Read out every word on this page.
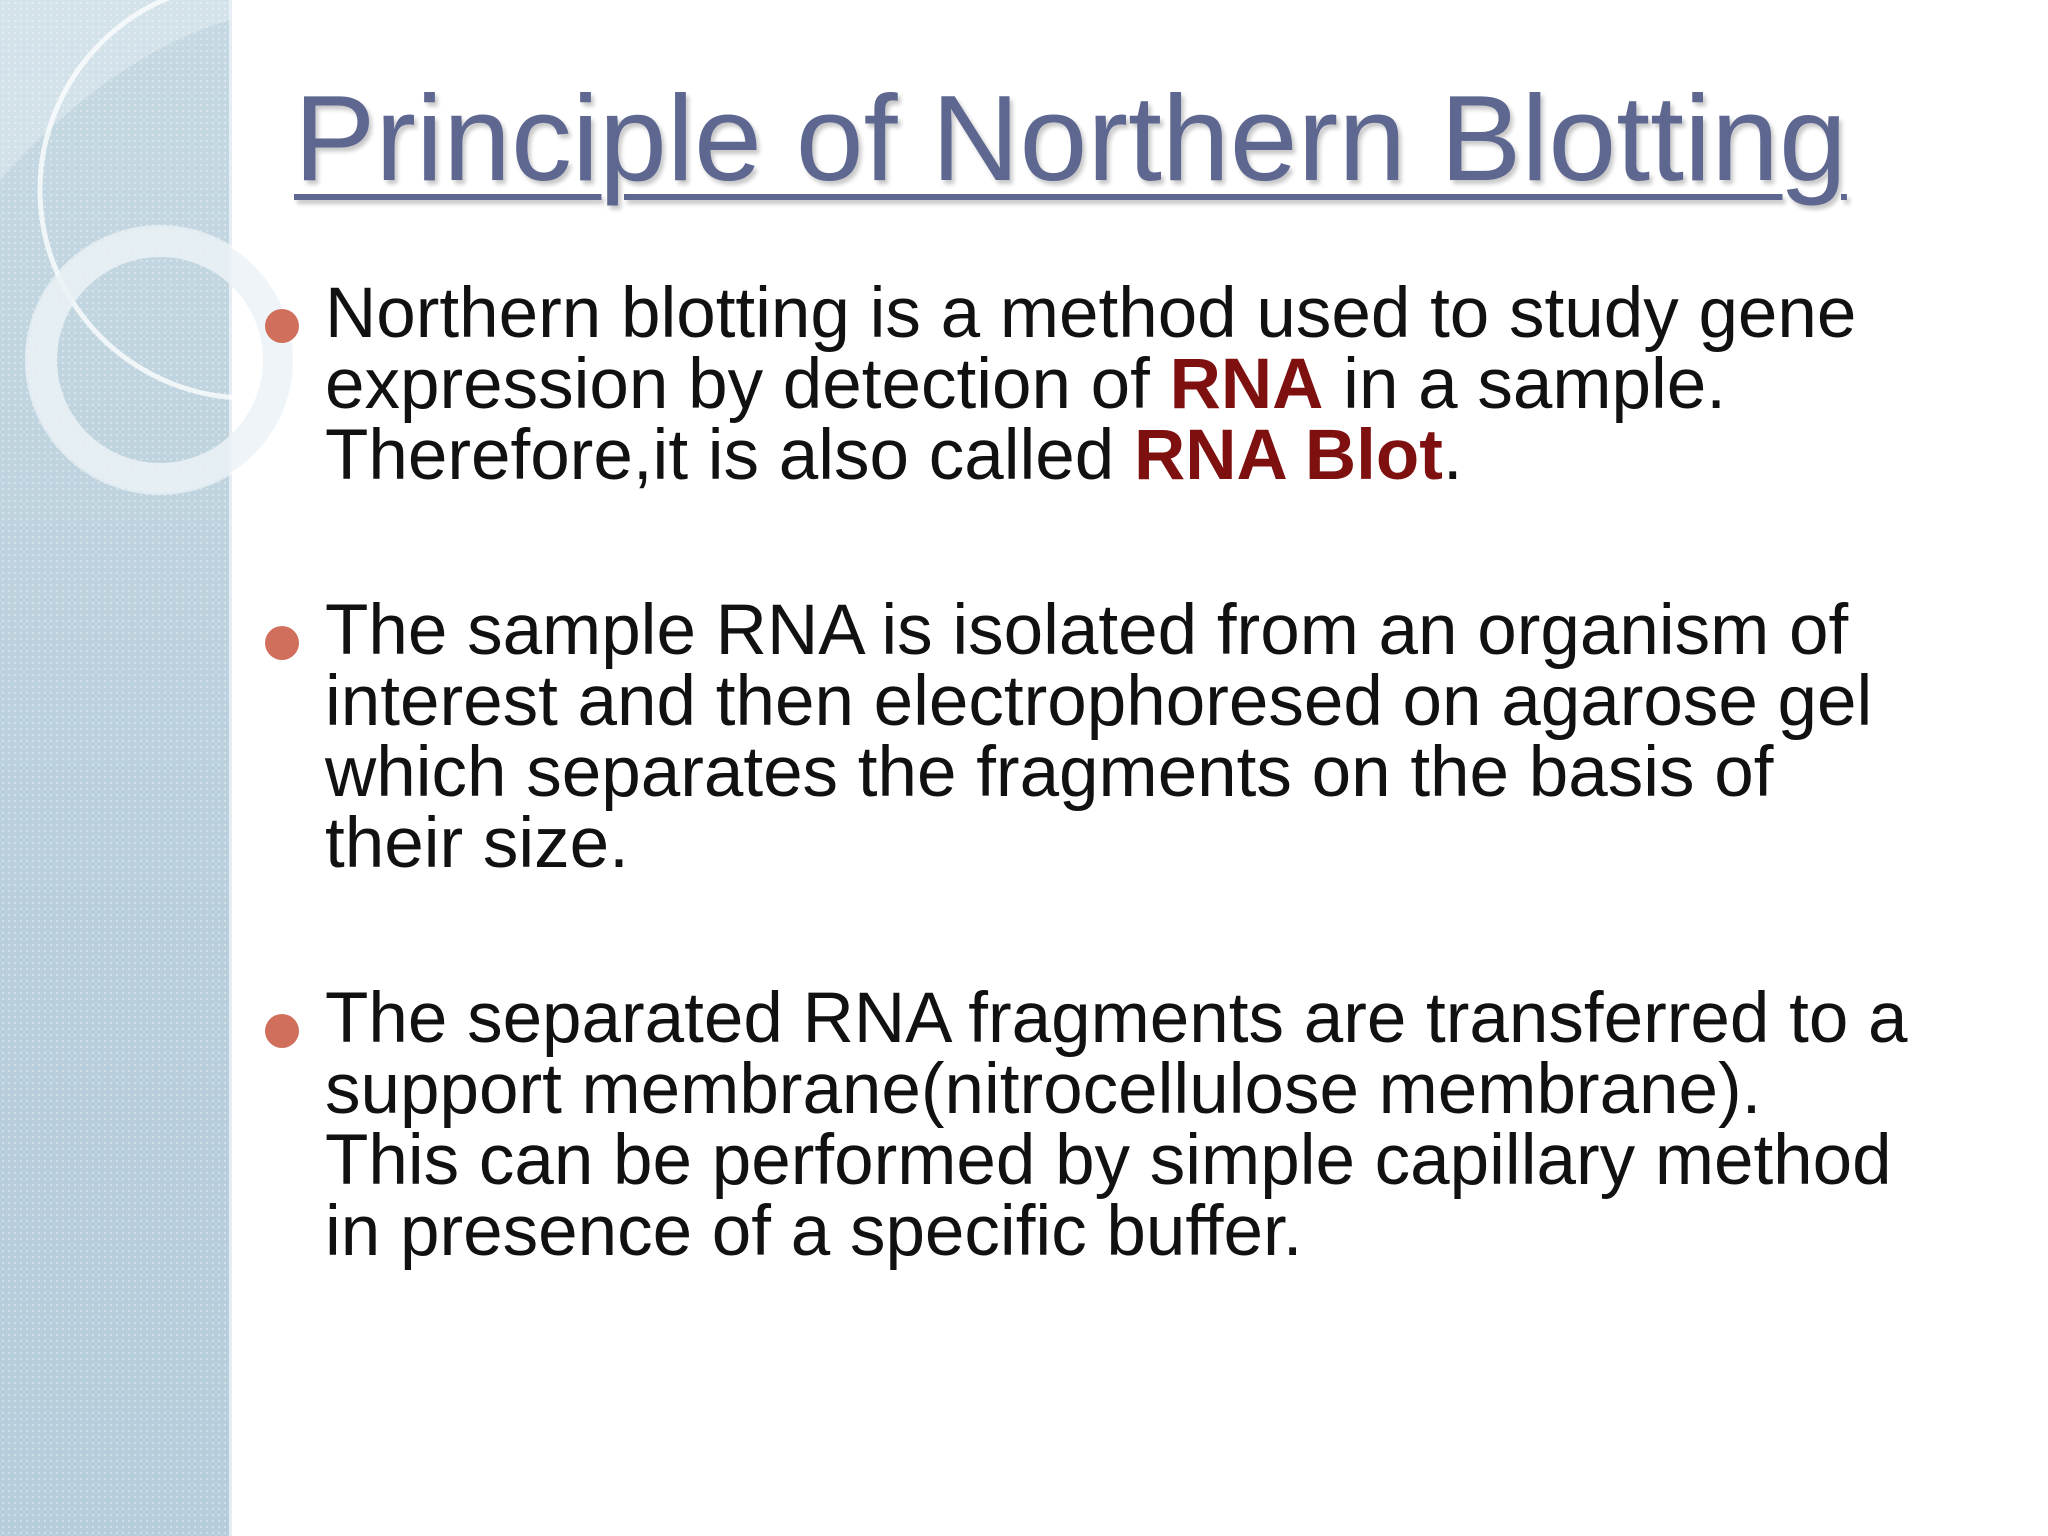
Principle of Northern Blotting
Northern blotting is a method used to study gene
expression by detection of RNA in a sample.
Therefore,it is also called RNA Blot.
The sample RNA is isolated from an organism of
interest and then electrophoresed on agarose gel
which separates the fragments on the basis of
their size.
The separated RNA fragments are transferred to a
support membrane(nitrocellulose membrane).
This can be performed by simple capillary method
in presence of a specific buffer.
